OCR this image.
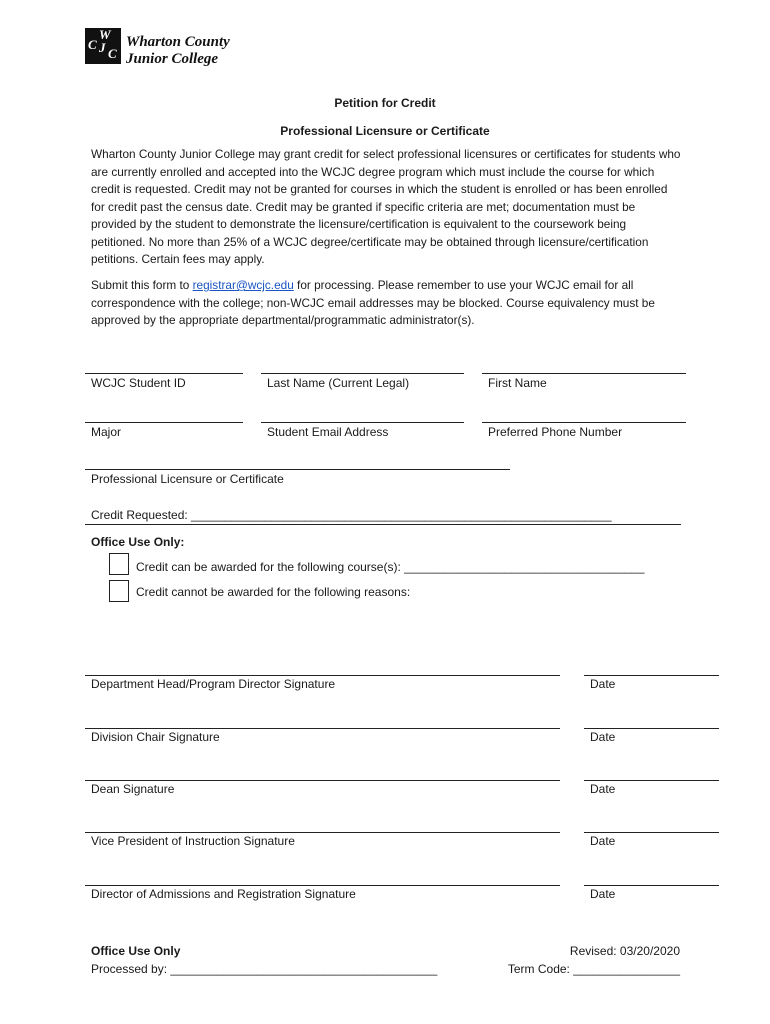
W
C J C
Wharton County
Junior College
Petition for Credit
Professional Licensure or Certificate
Wharton County Junior College may grant credit for select professional licensures or certificates for students who are currently enrolled and accepted into the WCJC degree program which must include the course for which credit is requested. Credit may not be granted for courses in which the student is enrolled or has been enrolled for credit past the census date. Credit may be granted if specific criteria are met; documentation must be provided by the student to demonstrate the licensure/certification is equivalent to the coursework being petitioned. No more than 25% of a WCJC degree/certificate may be obtained through licensure/certification petitions. Certain fees may apply.
Submit this form to registrar@wcjc.edu for processing. Please remember to use your WCJC email for all correspondence with the college; non-WCJC email addresses may be blocked. Course equivalency must be approved by the appropriate departmental/programmatic administrator(s).
WCJC Student ID	Last Name (Current Legal)	First Name
Major	Student Email Address	Preferred Phone Number
Professional Licensure or Certificate
Credit Requested: _______________________________________________________________
Office Use Only:
Credit can be awarded for the following course(s): ____________________________________
Credit cannot be awarded for the following reasons:
Department Head/Program Director Signature	Date
Division Chair Signature	Date
Dean Signature	Date
Vice President of Instruction Signature	Date
Director of Admissions and Registration Signature	Date
Office Use Only
Processed by: ________________________________________
Revised: 03/20/2020
Term Code: ________________
